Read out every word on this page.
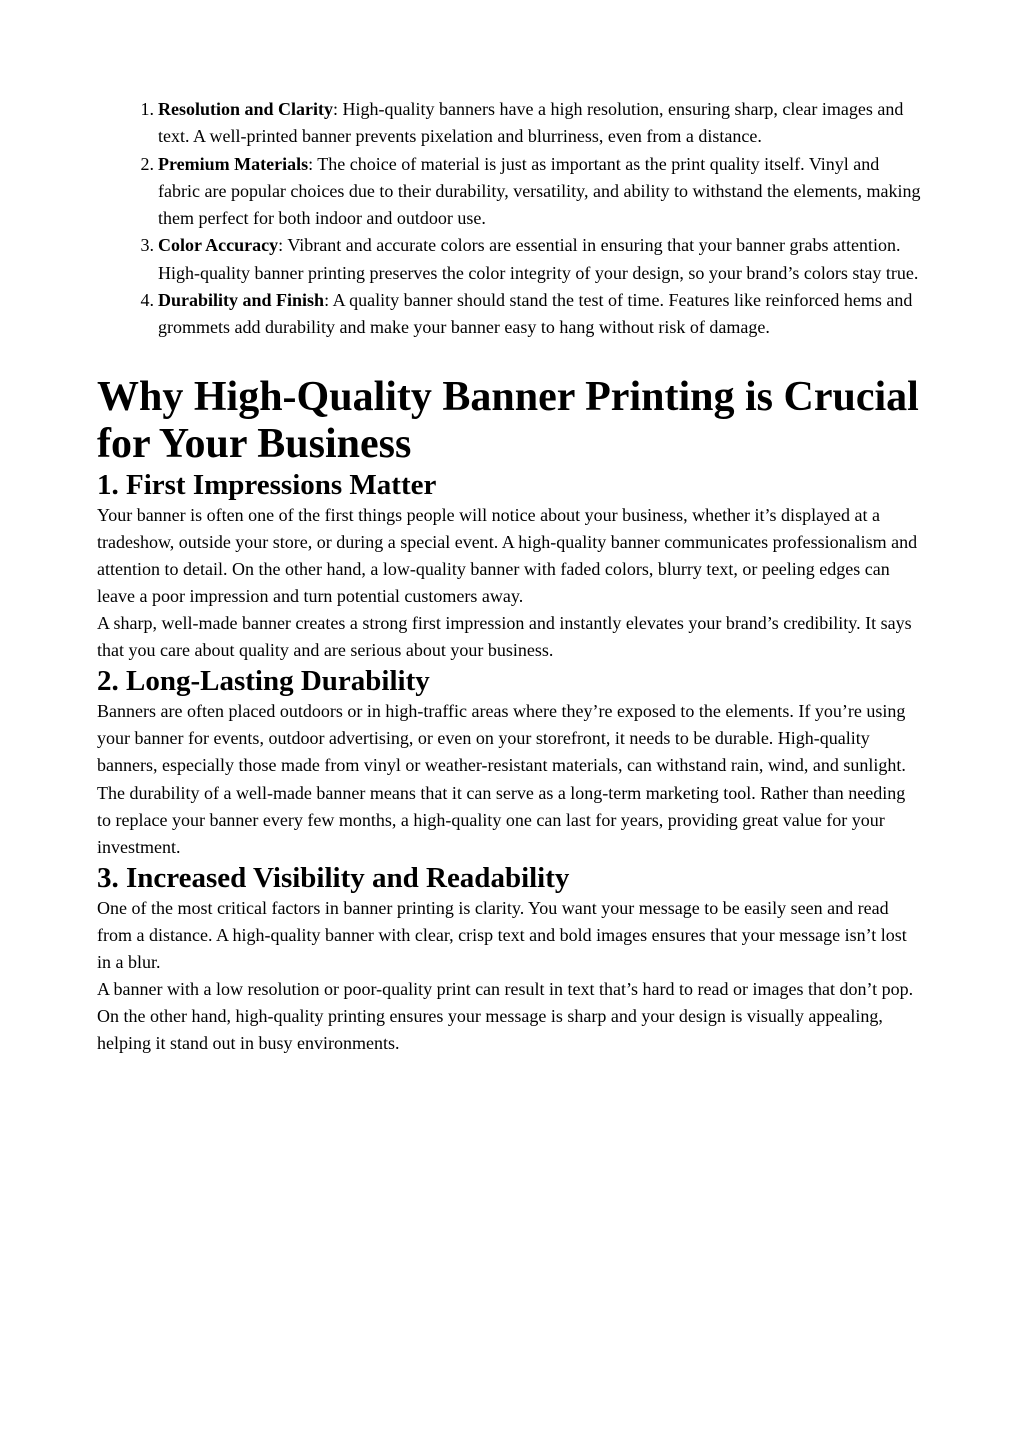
1. Resolution and Clarity: High-quality banners have a high resolution, ensuring sharp, clear images and text. A well-printed banner prevents pixelation and blurriness, even from a distance.
2. Premium Materials: The choice of material is just as important as the print quality itself. Vinyl and fabric are popular choices due to their durability, versatility, and ability to withstand the elements, making them perfect for both indoor and outdoor use.
3. Color Accuracy: Vibrant and accurate colors are essential in ensuring that your banner grabs attention. High-quality banner printing preserves the color integrity of your design, so your brand’s colors stay true.
4. Durability and Finish: A quality banner should stand the test of time. Features like reinforced hems and grommets add durability and make your banner easy to hang without risk of damage.
Why High-Quality Banner Printing is Crucial for Your Business
1. First Impressions Matter

Your banner is often one of the first things people will notice about your business, whether it’s displayed at a tradeshow, outside your store, or during a special event. A high-quality banner communicates professionalism and attention to detail. On the other hand, a low-quality banner with faded colors, blurry text, or peeling edges can leave a poor impression and turn potential customers away.

A sharp, well-made banner creates a strong first impression and instantly elevates your brand’s credibility. It says that you care about quality and are serious about your business.

2. Long-Lasting Durability

Banners are often placed outdoors or in high-traffic areas where they’re exposed to the elements. If you’re using your banner for events, outdoor advertising, or even on your storefront, it needs to be durable. High-quality banners, especially those made from vinyl or weather-resistant materials, can withstand rain, wind, and sunlight.

The durability of a well-made banner means that it can serve as a long-term marketing tool. Rather than needing to replace your banner every few months, a high-quality one can last for years, providing great value for your investment.

3. Increased Visibility and Readability

One of the most critical factors in banner printing is clarity. You want your message to be easily seen and read from a distance. A high-quality banner with clear, crisp text and bold images ensures that your message isn’t lost in a blur.

A banner with a low resolution or poor-quality print can result in text that’s hard to read or images that don’t pop. On the other hand, high-quality printing ensures your message is sharp and your design is visually appealing, helping it stand out in busy environments.
